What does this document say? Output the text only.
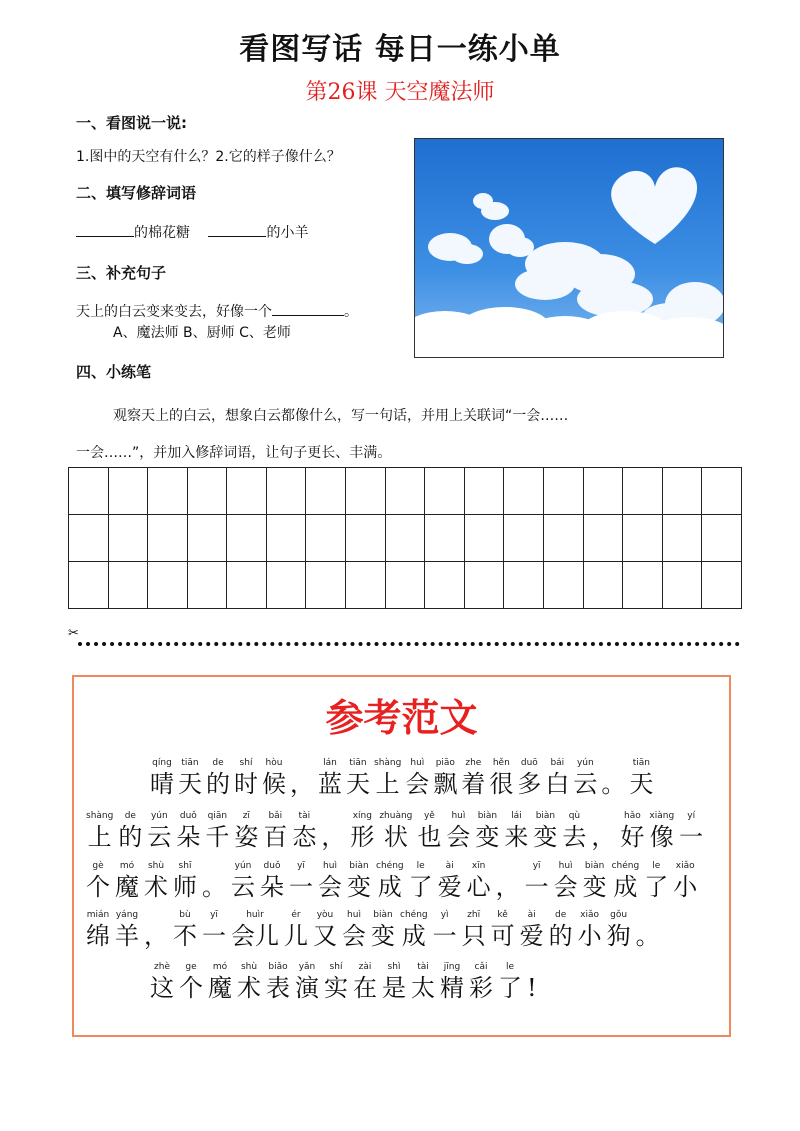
看图写话 每日一练小单
第26课 天空魔法师
一、看图说一说:
1.图中的天空有什么？2.它的样子像什么？
二、填写修辞词语
的棉花糖	的小羊
三、补充句子
天上的白云变来变去，好像一个	。
A、魔法师 B、厨师 C、老师
四、小练笔
观察天上的白云，想象白云都像什么，写一句话，并用上关联词“一会……
一会……”，并加入修辞词语，让句子更长、丰满。

✂
参考范文
qíng
晴
tiān
天
de
的
shí
时
hòu
候 ，
lán
蓝
tiān
天
shàng
上
huì
会
piāo
飘
zhe
着
hěn
很
duō
多
bái
白
yún
云 。
tiān
天
shàng
上
de
的
yún
云
duǒ
朵
qiān
千
zī
姿
bǎi
百
tài
态 ，
xíng
形
zhuàng
状
yě
也
huì
会
biàn
变
lái
来
biàn
变
qù
去 ，
hǎo
好
xiàng
像
yí
一
gè
个
mó
魔
shù
术
shī
师 。
yún
云
duǒ
朵
yī
一
huì
会
biàn
变
chéng
成
le
了
ài
爱
xīn
心 ，
yī
一
huì
会
biàn
变
chéng
成
le
了
xiǎo
小
mián
绵
yáng
羊 ，
bù
不
yī
一
huìr
会儿
ér
儿
yòu
又
huì
会
biàn
变
chéng
成
yì
一
zhī
只
kě
可
ài
爱
de
的
xiǎo
小
gǒu
狗 。
zhè
这
ge
个
mó
魔
shù
术
biǎo
表
yǎn
演
shí
实
zài
在
shì
是
tài
太
jīng
精
cǎi
彩
le
了 !
